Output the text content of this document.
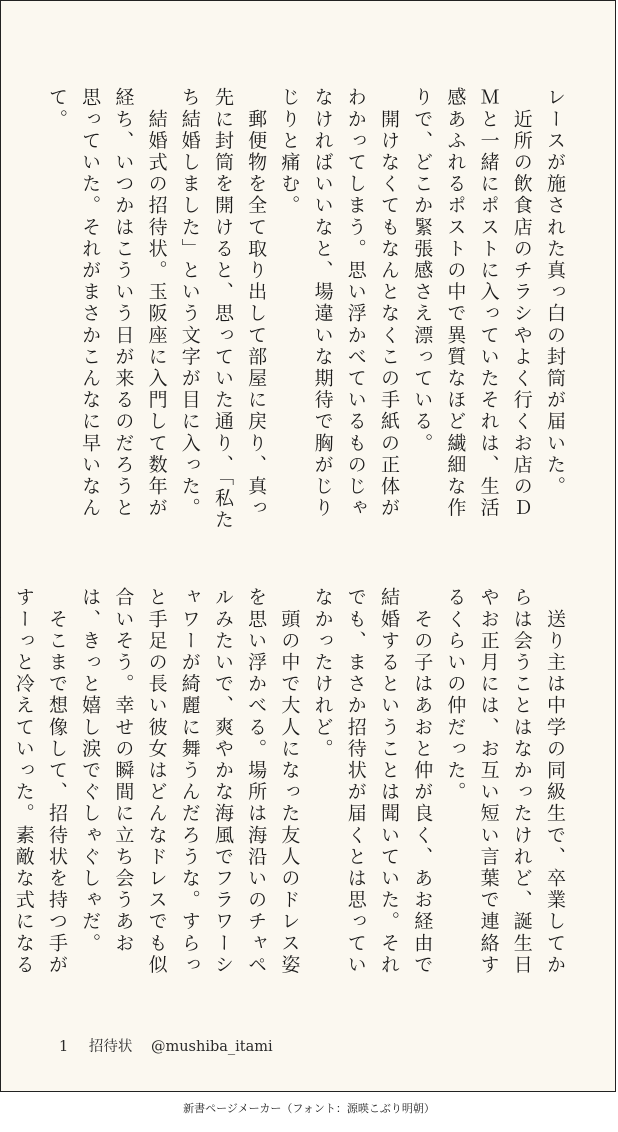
レースが施された真っ白の封筒が届いた。

　近所の飲食店のチラシやよく行くお店のＤＭと一緒にポストに入っていたそれは、生活感あふれるポストの中で異質なほど繊細な作りで、どこか緊張感さえ漂っている。

　開けなくてもなんとなくこの手紙の正体がわかってしまう。思い浮かべているものじゃなければいいなと、場違いな期待で胸がじりじりと痛む。

　郵便物を全て取り出して部屋に戻り、真っ先に封筒を開けると、思っていた通り、「私たち結婚しました」という文字が目に入った。

　結婚式の招待状。玉阪座に入門して数年が経ち、いつかはこういう日が来るのだろうと思っていた。それがまさかこんなに早いなんて。

　送り主は中学の同級生で、卒業してからは会うことはなかったけれど、誕生日やお正月には、お互い短い言葉で連絡するくらいの仲だった。

　その子はあおと仲が良く、あお経由で結婚するということは聞いていた。それでも、まさか招待状が届くとは思っていなかったけれど。

　頭の中で大人になった友人のドレス姿を思い浮かべる。場所は海沿いのチャペルみたいで、爽やかな海風でフラワーシャワーが綺麗に舞うんだろうな。すらっと手足の長い彼女はどんなドレスでも似合いそう。幸せの瞬間に立ち会うあおは、きっと嬉し涙でぐしゃぐしゃだ。

　そこまで想像して、招待状を持つ手がすーっと冷えていった。素敵な式になる

1 招待状 @mushiba_itami
新書ページメーカー（フォント：源暎こぶり明朝）
